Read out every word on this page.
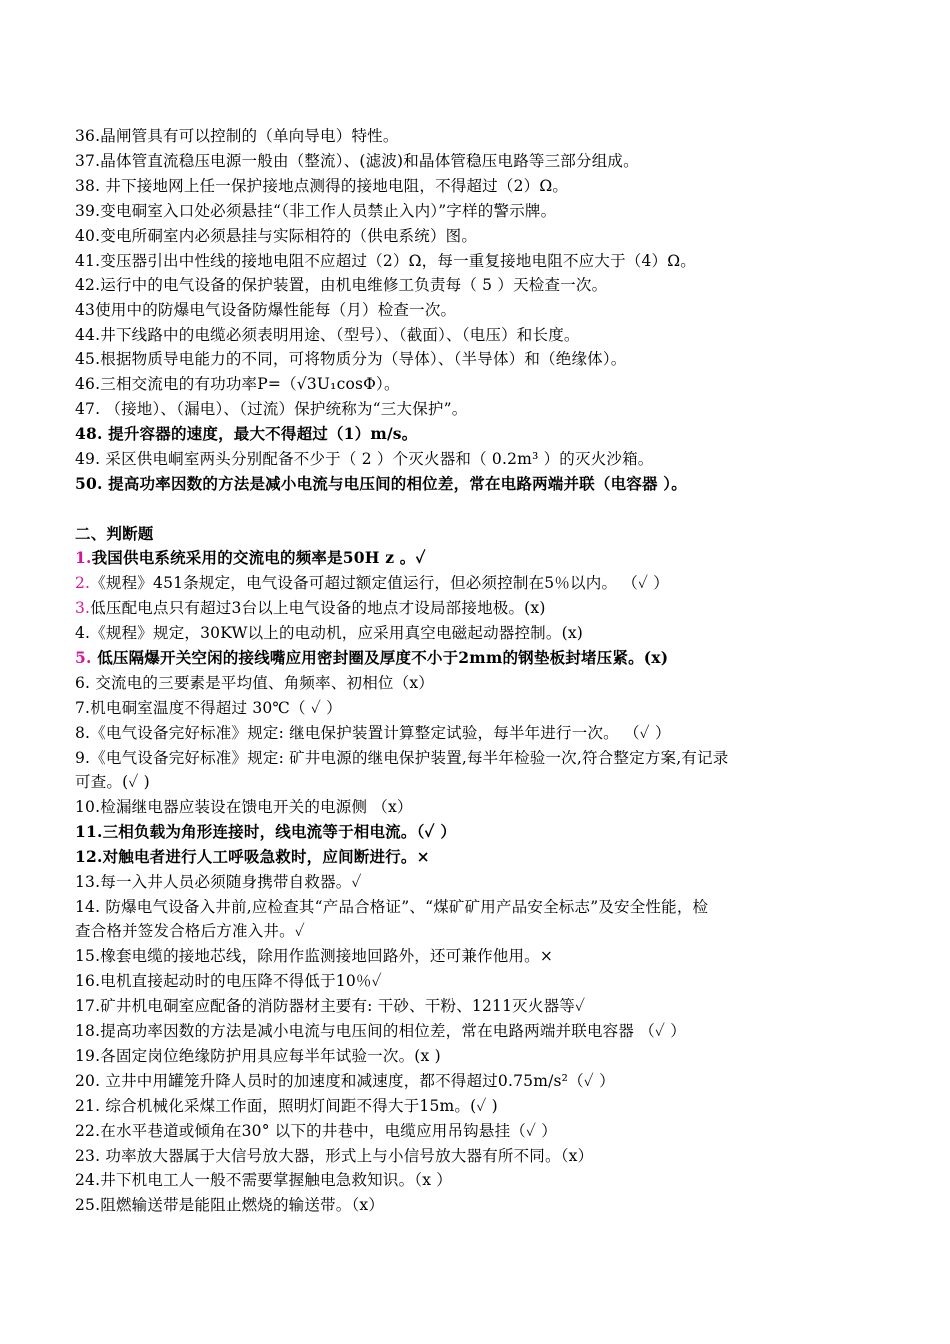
36.晶闸管具有可以控制的（单向导电）特性。
37.晶体管直流稳压电源一般由（整流）、(滤波)和晶体管稳压电路等三部分组成。
38. 井下接地网上任一保护接地点测得的接地电阻，不得超过（2）Ω。
39.变电硐室入口处必须悬挂“（非工作人员禁止入内）”字样的警示牌。
40.变电所硐室内必须悬挂与实际相符的（供电系统）图。
41.变压器引出中性线的接地电阻不应超过（2）Ω，每一重复接地电阻不应大于（4）Ω。
42.运行中的电气设备的保护装置，由机电维修工负责每（ 5 ）天检查一次。
43使用中的防爆电气设备防爆性能每（月）检查一次。
44.井下线路中的电缆必须表明用途、（型号）、（截面）、（电压）和长度。
45.根据物质导电能力的不同，可将物质分为（导体）、（半导体）和（绝缘体）。
46.三相交流电的有功功率P=（√3U₁cosΦ）。
47. （接地）、（漏电）、（过流）保护统称为“三大保护”。
48. 提升容器的速度，最大不得超过（1）m/s。
49. 采区供电峒室两头分别配备不少于（ 2 ）个灭火器和（ 0.2m³ ）的灭火沙箱。
50. 提高功率因数的方法是减小电流与电压间的相位差，常在电路两端并联（电容器 ）。
二、判断题
1.我国供电系统采用的交流电的频率是50H z 。✓
2.《规程》451条规定，电气设备可超过额定值运行，但必须控制在5％以内。 （✓ ）
3.低压配电点只有超过3台以上电气设备的地点才设局部接地极。(x)
4.《规程》规定，30KW以上的电动机，应采用真空电磁起动器控制。(x)
5. 低压隔爆开关空闲的接线嘴应用密封圈及厚度不小于2mm的钢垫板封堵压紧。(x)
6. 交流电的三要素是平均值、角频率、初相位（x）
7.机电硐室温度不得超过 30℃（ ✓ ）
8.《电气设备完好标准》规定: 继电保护装置计算整定试验，每半年进行一次。 （✓ ）
9.《电气设备完好标准》规定: 矿井电源的继电保护装置,每半年检验一次,符合整定方案,有记录
可查。(✓ )
10.检漏继电器应装设在馈电开关的电源侧 （x）
11.三相负载为角形连接时，线电流等于相电流。（✓ ）
12.对触电者进行人工呼吸急救时，应间断进行。×
13.每一入井人员必须随身携带自救器。✓
14. 防爆电气设备入井前,应检查其“产品合格证”、“煤矿矿用产品安全标志”及安全性能，检
查合格并签发合格后方准入井。✓
15.橡套电缆的接地芯线，除用作监测接地回路外，还可兼作他用。×
16.电机直接起动时的电压降不得低于10％✓
17.矿井机电硐室应配备的消防器材主要有: 干砂、干粉、1211灭火器等✓
18.提高功率因数的方法是减小电流与电压间的相位差，常在电路两端并联电容器 （✓ ）
19.各固定岗位绝缘防护用具应每半年试验一次。(x )
20. 立井中用罐笼升降人员时的加速度和减速度，都不得超过0.75m/s²（✓ ）
21. 综合机械化采煤工作面，照明灯间距不得大于15m。(✓ )
22.在水平巷道或倾角在30° 以下的井巷中，电缆应用吊钩悬挂（✓ ）
23. 功率放大器属于大信号放大器，形式上与小信号放大器有所不同。（x）
24.井下机电工人一般不需要掌握触电急救知识。（x ）
25.阻燃输送带是能阻止燃烧的输送带。（x）
